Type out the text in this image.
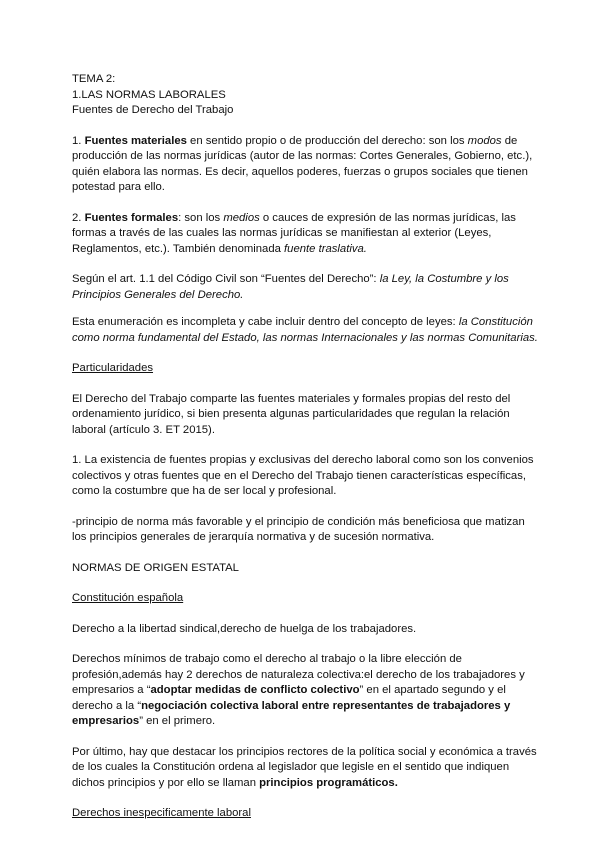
TEMA 2:

1.LAS NORMAS LABORALES

Fuentes de Derecho del Trabajo

1. Fuentes materiales en sentido propio o de producción del derecho: son los modos de producción de las normas jurídicas (autor de las normas: Cortes Generales, Gobierno, etc.), quién elabora las normas. Es decir, aquellos poderes, fuerzas o grupos sociales que tienen potestad para ello.

2. Fuentes formales: son los medios o cauces de expresión de las normas jurídicas, las formas a través de las cuales las normas jurídicas se manifiestan al exterior (Leyes, Reglamentos, etc.). También denominada fuente traslativa.

Según el art. 1.1 del Código Civil son “Fuentes del Derecho”: la Ley, la Costumbre y los Principios Generales del Derecho.

Esta enumeración es incompleta y cabe incluir dentro del concepto de leyes: la Constitución como norma fundamental del Estado, las normas Internacionales y las normas Comunitarias.

Particularidades

El Derecho del Trabajo comparte las fuentes materiales y formales propias del resto del ordenamiento jurídico, si bien presenta algunas particularidades que regulan la relación laboral (artículo 3. ET 2015).

1. La existencia de fuentes propias y exclusivas del derecho laboral como son los convenios colectivos y otras fuentes que en el Derecho del Trabajo tienen características específicas, como la costumbre que ha de ser local y profesional.

-principio de norma más favorable y el principio de condición más beneficiosa que matizan los principios generales de jerarquía normativa y de sucesión normativa.

NORMAS DE ORIGEN ESTATAL

Constitución española

Derecho a la libertad sindical,derecho de huelga de los trabajadores.

Derechos mínimos de trabajo como el derecho al trabajo o la libre elección de profesión,además hay 2 derechos de naturaleza colectiva:el derecho de los trabajadores y empresarios a “adoptar medidas de conflicto colectivo” en el apartado segundo y el derecho a la “negociación colectiva laboral entre representantes de trabajadores y empresarios” en el primero.

Por último, hay que destacar los principios rectores de la política social y económica a través de los cuales la Constitución ordena al legislador que legisle en el sentido que indiquen dichos principios y por ello se llaman principios programáticos.

Derechos inespecificamente laboral
